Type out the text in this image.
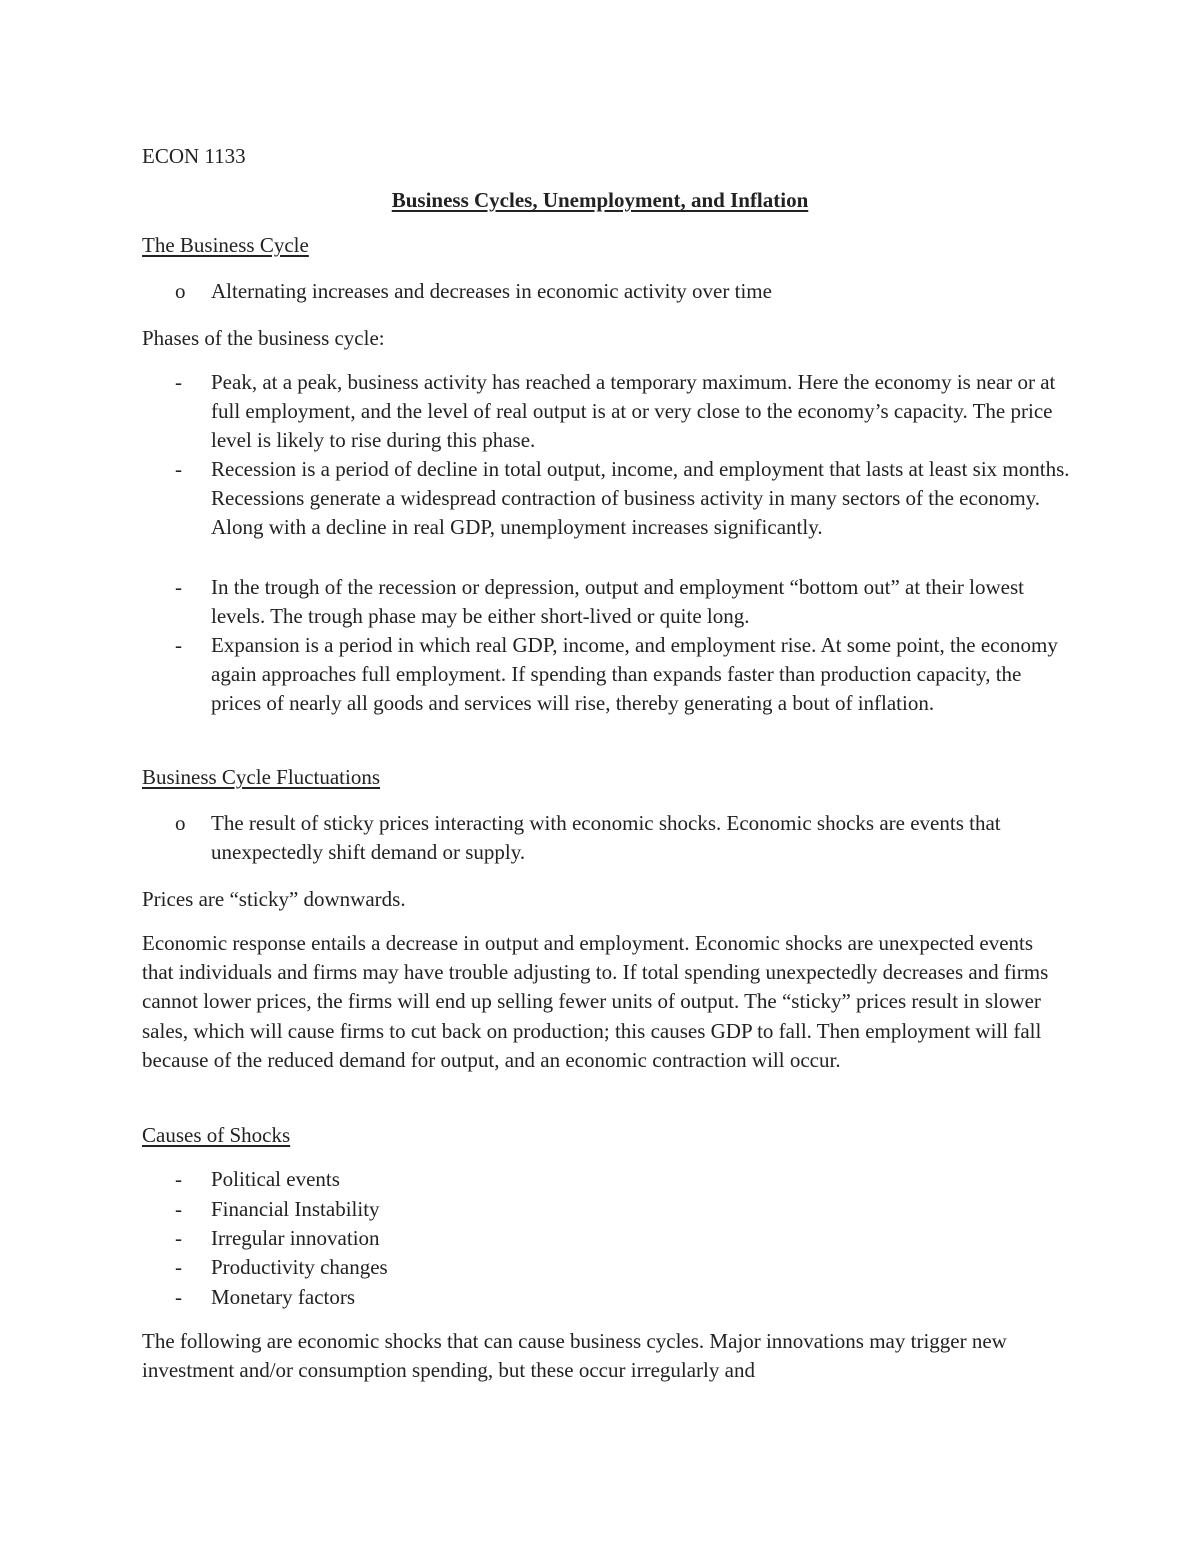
ECON 1133
Business Cycles, Unemployment, and Inflation
The Business Cycle
o Alternating increases and decreases in economic activity over time
Phases of the business cycle:
- Peak, at a peak, business activity has reached a temporary maximum. Here the economy is near or at full employment, and the level of real output is at or very close to the economy’s capacity. The price level is likely to rise during this phase.
- Recession is a period of decline in total output, income, and employment that lasts at least six months. Recessions generate a widespread contraction of business activity in many sectors of the economy. Along with a decline in real GDP, unemployment increases significantly.
- In the trough of the recession or depression, output and employment “bottom out” at their lowest levels. The trough phase may be either short-lived or quite long.
- Expansion is a period in which real GDP, income, and employment rise. At some point, the economy again approaches full employment. If spending than expands faster than production capacity, the prices of nearly all goods and services will rise, thereby generating a bout of inflation.
Business Cycle Fluctuations
o The result of sticky prices interacting with economic shocks. Economic shocks are events that unexpectedly shift demand or supply.
Prices are “sticky” downwards.
Economic response entails a decrease in output and employment. Economic shocks are unexpected events that individuals and firms may have trouble adjusting to. If total spending unexpectedly decreases and firms cannot lower prices, the firms will end up selling fewer units of output. The “sticky” prices result in slower sales, which will cause firms to cut back on production; this causes GDP to fall. Then employment will fall because of the reduced demand for output, and an economic contraction will occur.
Causes of Shocks
- Political events
- Financial Instability
- Irregular innovation
- Productivity changes
- Monetary factors
The following are economic shocks that can cause business cycles. Major innovations may trigger new investment and/or consumption spending, but these occur irregularly and
